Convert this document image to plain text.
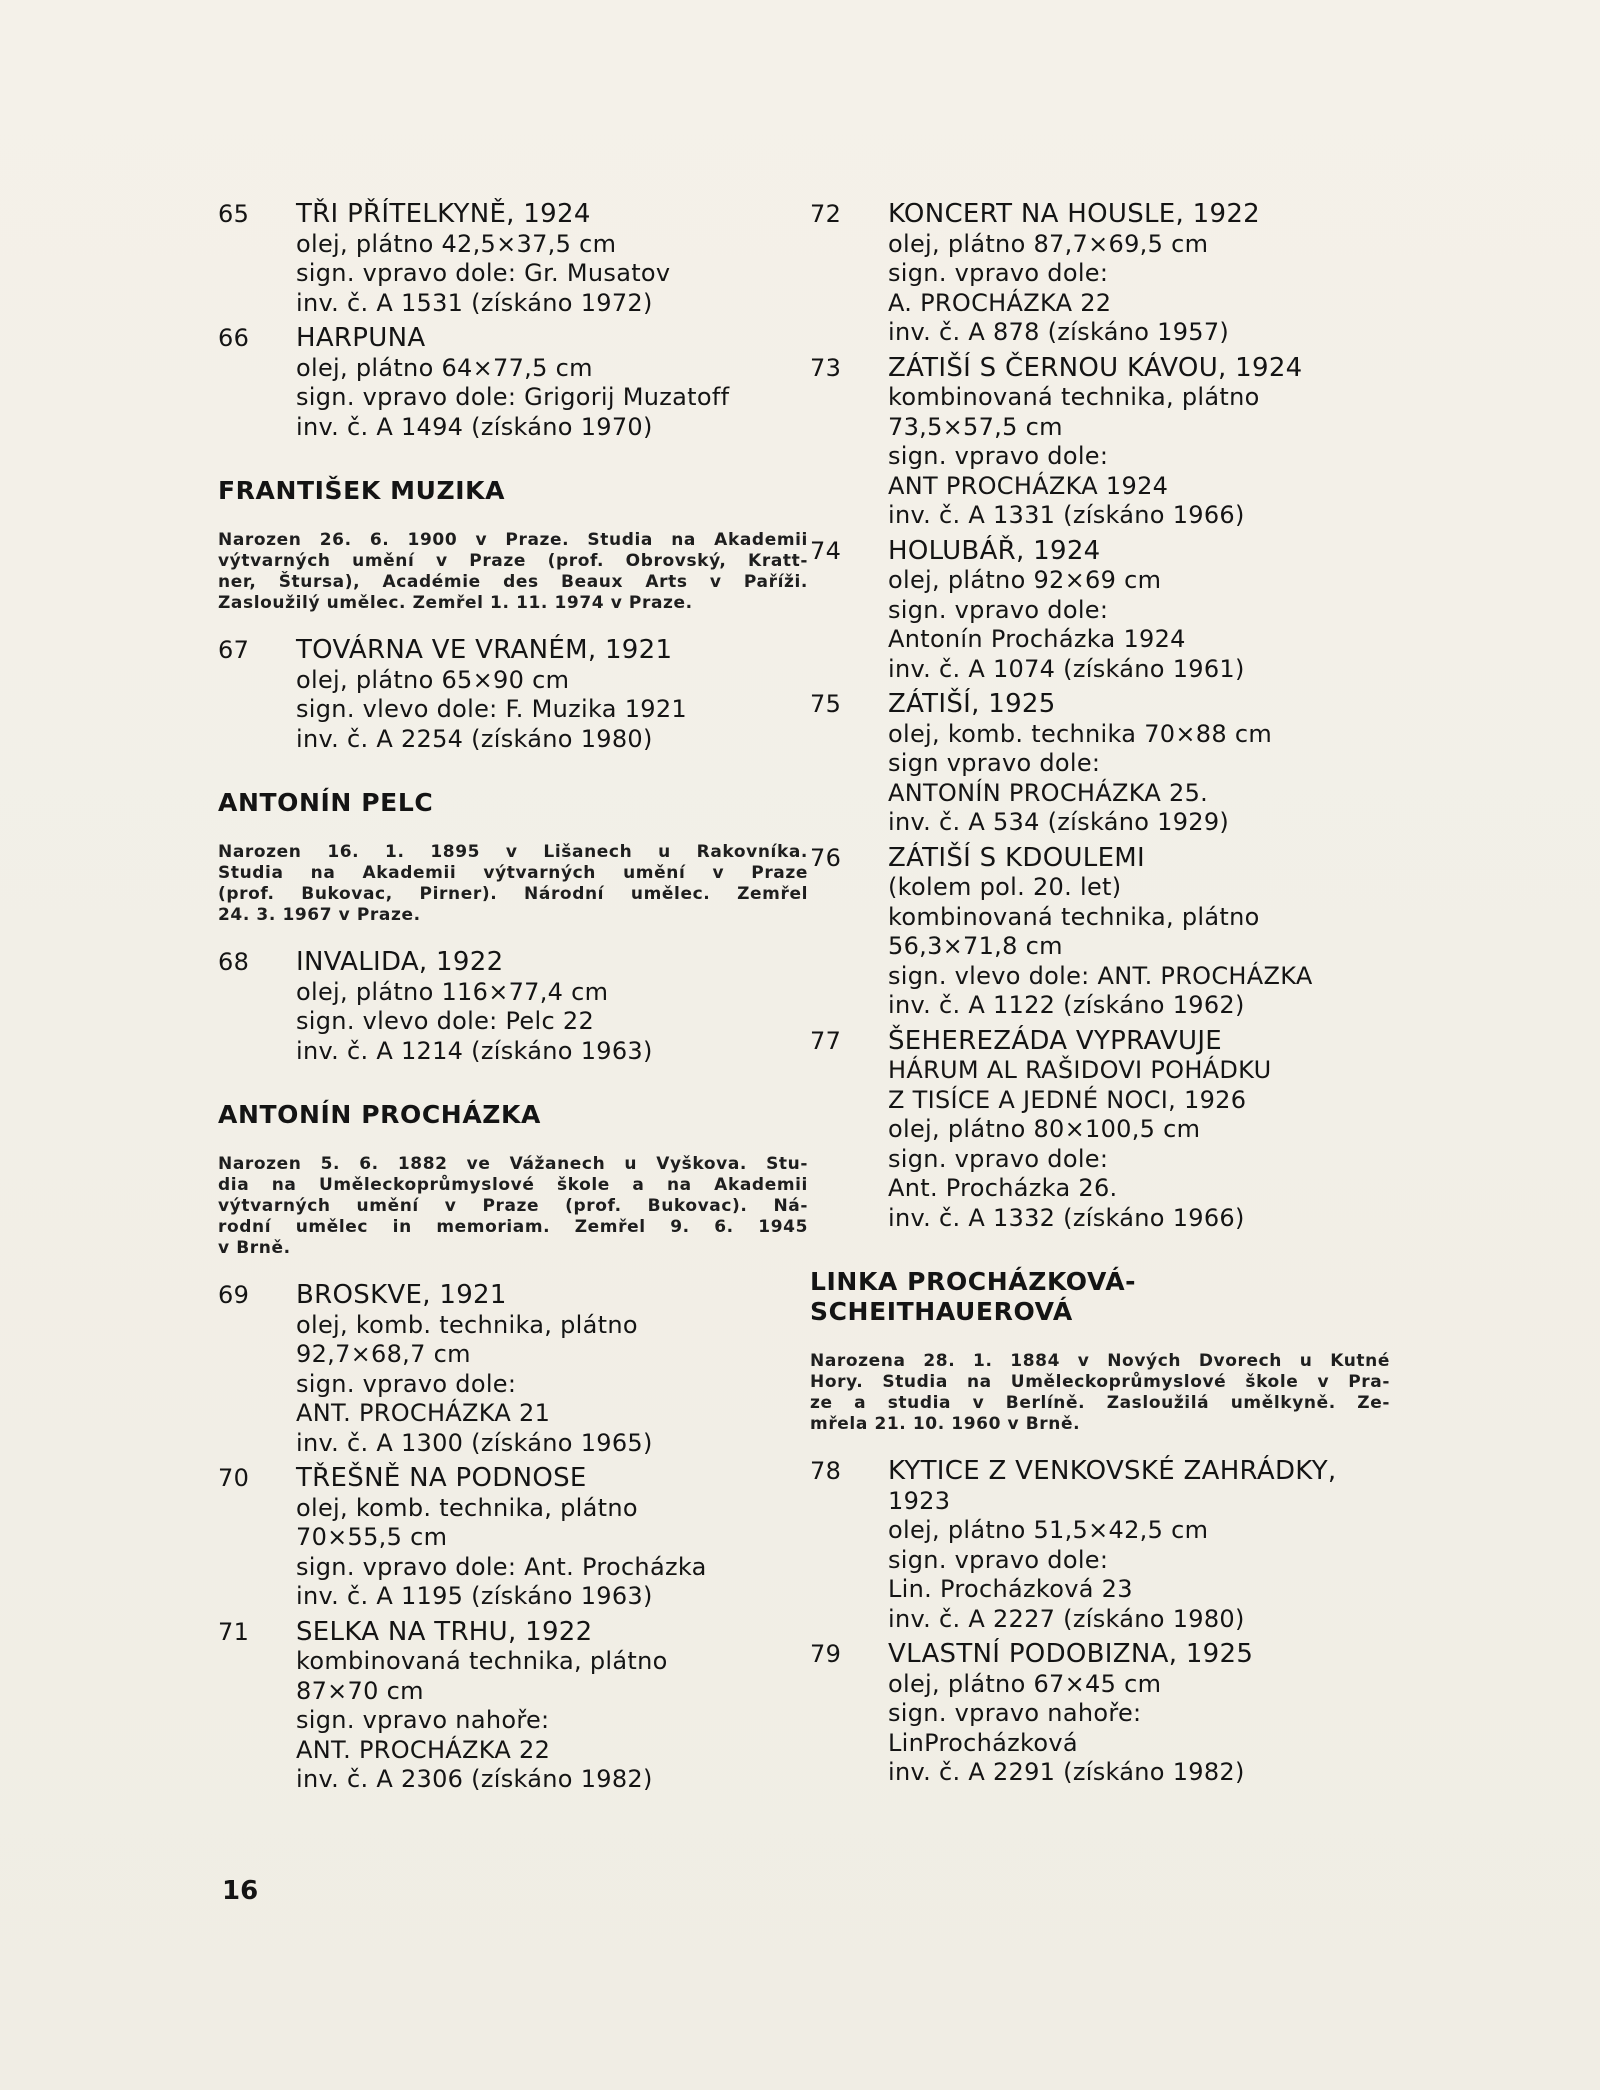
65	TŘI PŘÍTELKYNĚ, 1924
olej, plátno 42,5×37,5 cm
sign. vpravo dole: Gr. Musatov
inv. č. A 1531 (získáno 1972)
66	HARPUNA
olej, plátno 64×77,5 cm
sign. vpravo dole: Grigorij Muzatoff
inv. č. A 1494 (získáno 1970)
FRANTIŠEK MUZIKA
Narozen 26. 6. 1900 v Praze. Studia na Akademii
výtvarných umění v Praze (prof. Obrovský, Kratt-
ner, Štursa), Académie des Beaux Arts v Paříži.
Zasloužilý umělec. Zemřel 1. 11. 1974 v Praze.
67	TOVÁRNA VE VRANÉM, 1921
olej, plátno 65×90 cm
sign. vlevo dole: F. Muzika 1921
inv. č. A 2254 (získáno 1980)
ANTONÍN PELC
Narozen 16. 1. 1895 v Lišanech u Rakovníka.
Studia na Akademii výtvarných umění v Praze
(prof. Bukovac, Pirner). Národní umělec. Zemřel
24. 3. 1967 v Praze.
68	INVALIDA, 1922
olej, plátno 116×77,4 cm
sign. vlevo dole: Pelc 22
inv. č. A 1214 (získáno 1963)
ANTONÍN PROCHÁZKA
Narozen 5. 6. 1882 ve Vážanech u Vyškova. Stu-
dia na Uměleckoprůmyslové škole a na Akademii
výtvarných umění v Praze (prof. Bukovac). Ná-
rodní umělec in memoriam. Zemřel 9. 6. 1945
v Brně.
69	BROSKVE, 1921
olej, komb. technika, plátno
92,7×68,7 cm
sign. vpravo dole:
ANT. PROCHÁZKA 21
inv. č. A 1300 (získáno 1965)
70	TŘEŠNĚ NA PODNOSE
olej, komb. technika, plátno
70×55,5 cm
sign. vpravo dole: Ant. Procházka
inv. č. A 1195 (získáno 1963)
71	SELKA NA TRHU, 1922
kombinovaná technika, plátno
87×70 cm
sign. vpravo nahoře:
ANT. PROCHÁZKA 22
inv. č. A 2306 (získáno 1982)
72	KONCERT NA HOUSLE, 1922
olej, plátno 87,7×69,5 cm
sign. vpravo dole:
A. PROCHÁZKA 22
inv. č. A 878 (získáno 1957)
73	ZÁTIŠÍ S ČERNOU KÁVOU, 1924
kombinovaná technika, plátno
73,5×57,5 cm
sign. vpravo dole:
ANT PROCHÁZKA 1924
inv. č. A 1331 (získáno 1966)
74	HOLUBÁŘ, 1924
olej, plátno 92×69 cm
sign. vpravo dole:
Antonín Procházka 1924
inv. č. A 1074 (získáno 1961)
75	ZÁTIŠÍ, 1925
olej, komb. technika 70×88 cm
sign vpravo dole:
ANTONÍN PROCHÁZKA 25.
inv. č. A 534 (získáno 1929)
76	ZÁTIŠÍ S KDOULEMI
(kolem pol. 20. let)
kombinovaná technika, plátno
56,3×71,8 cm
sign. vlevo dole: ANT. PROCHÁZKA
inv. č. A 1122 (získáno 1962)
77	ŠEHEREZÁDA VYPRAVUJE
HÁRUM AL RAŠIDOVI POHÁDKU
Z TISÍCE A JEDNÉ NOCI, 1926
olej, plátno 80×100,5 cm
sign. vpravo dole:
Ant. Procházka 26.
inv. č. A 1332 (získáno 1966)
LINKA PROCHÁZKOVÁ-
SCHEITHAUEROVÁ
Narozena 28. 1. 1884 v Nových Dvorech u Kutné
Hory. Studia na Uměleckoprůmyslové škole v Pra-
ze a studia v Berlíně. Zasloužilá umělkyně. Ze-
mřela 21. 10. 1960 v Brně.
78	KYTICE Z VENKOVSKÉ ZAHRÁDKY,
1923
olej, plátno 51,5×42,5 cm
sign. vpravo dole:
Lin. Procházková 23
inv. č. A 2227 (získáno 1980)
79	VLASTNÍ PODOBIZNA, 1925
olej, plátno 67×45 cm
sign. vpravo nahoře:
LinProcházková
inv. č. A 2291 (získáno 1982)
16
